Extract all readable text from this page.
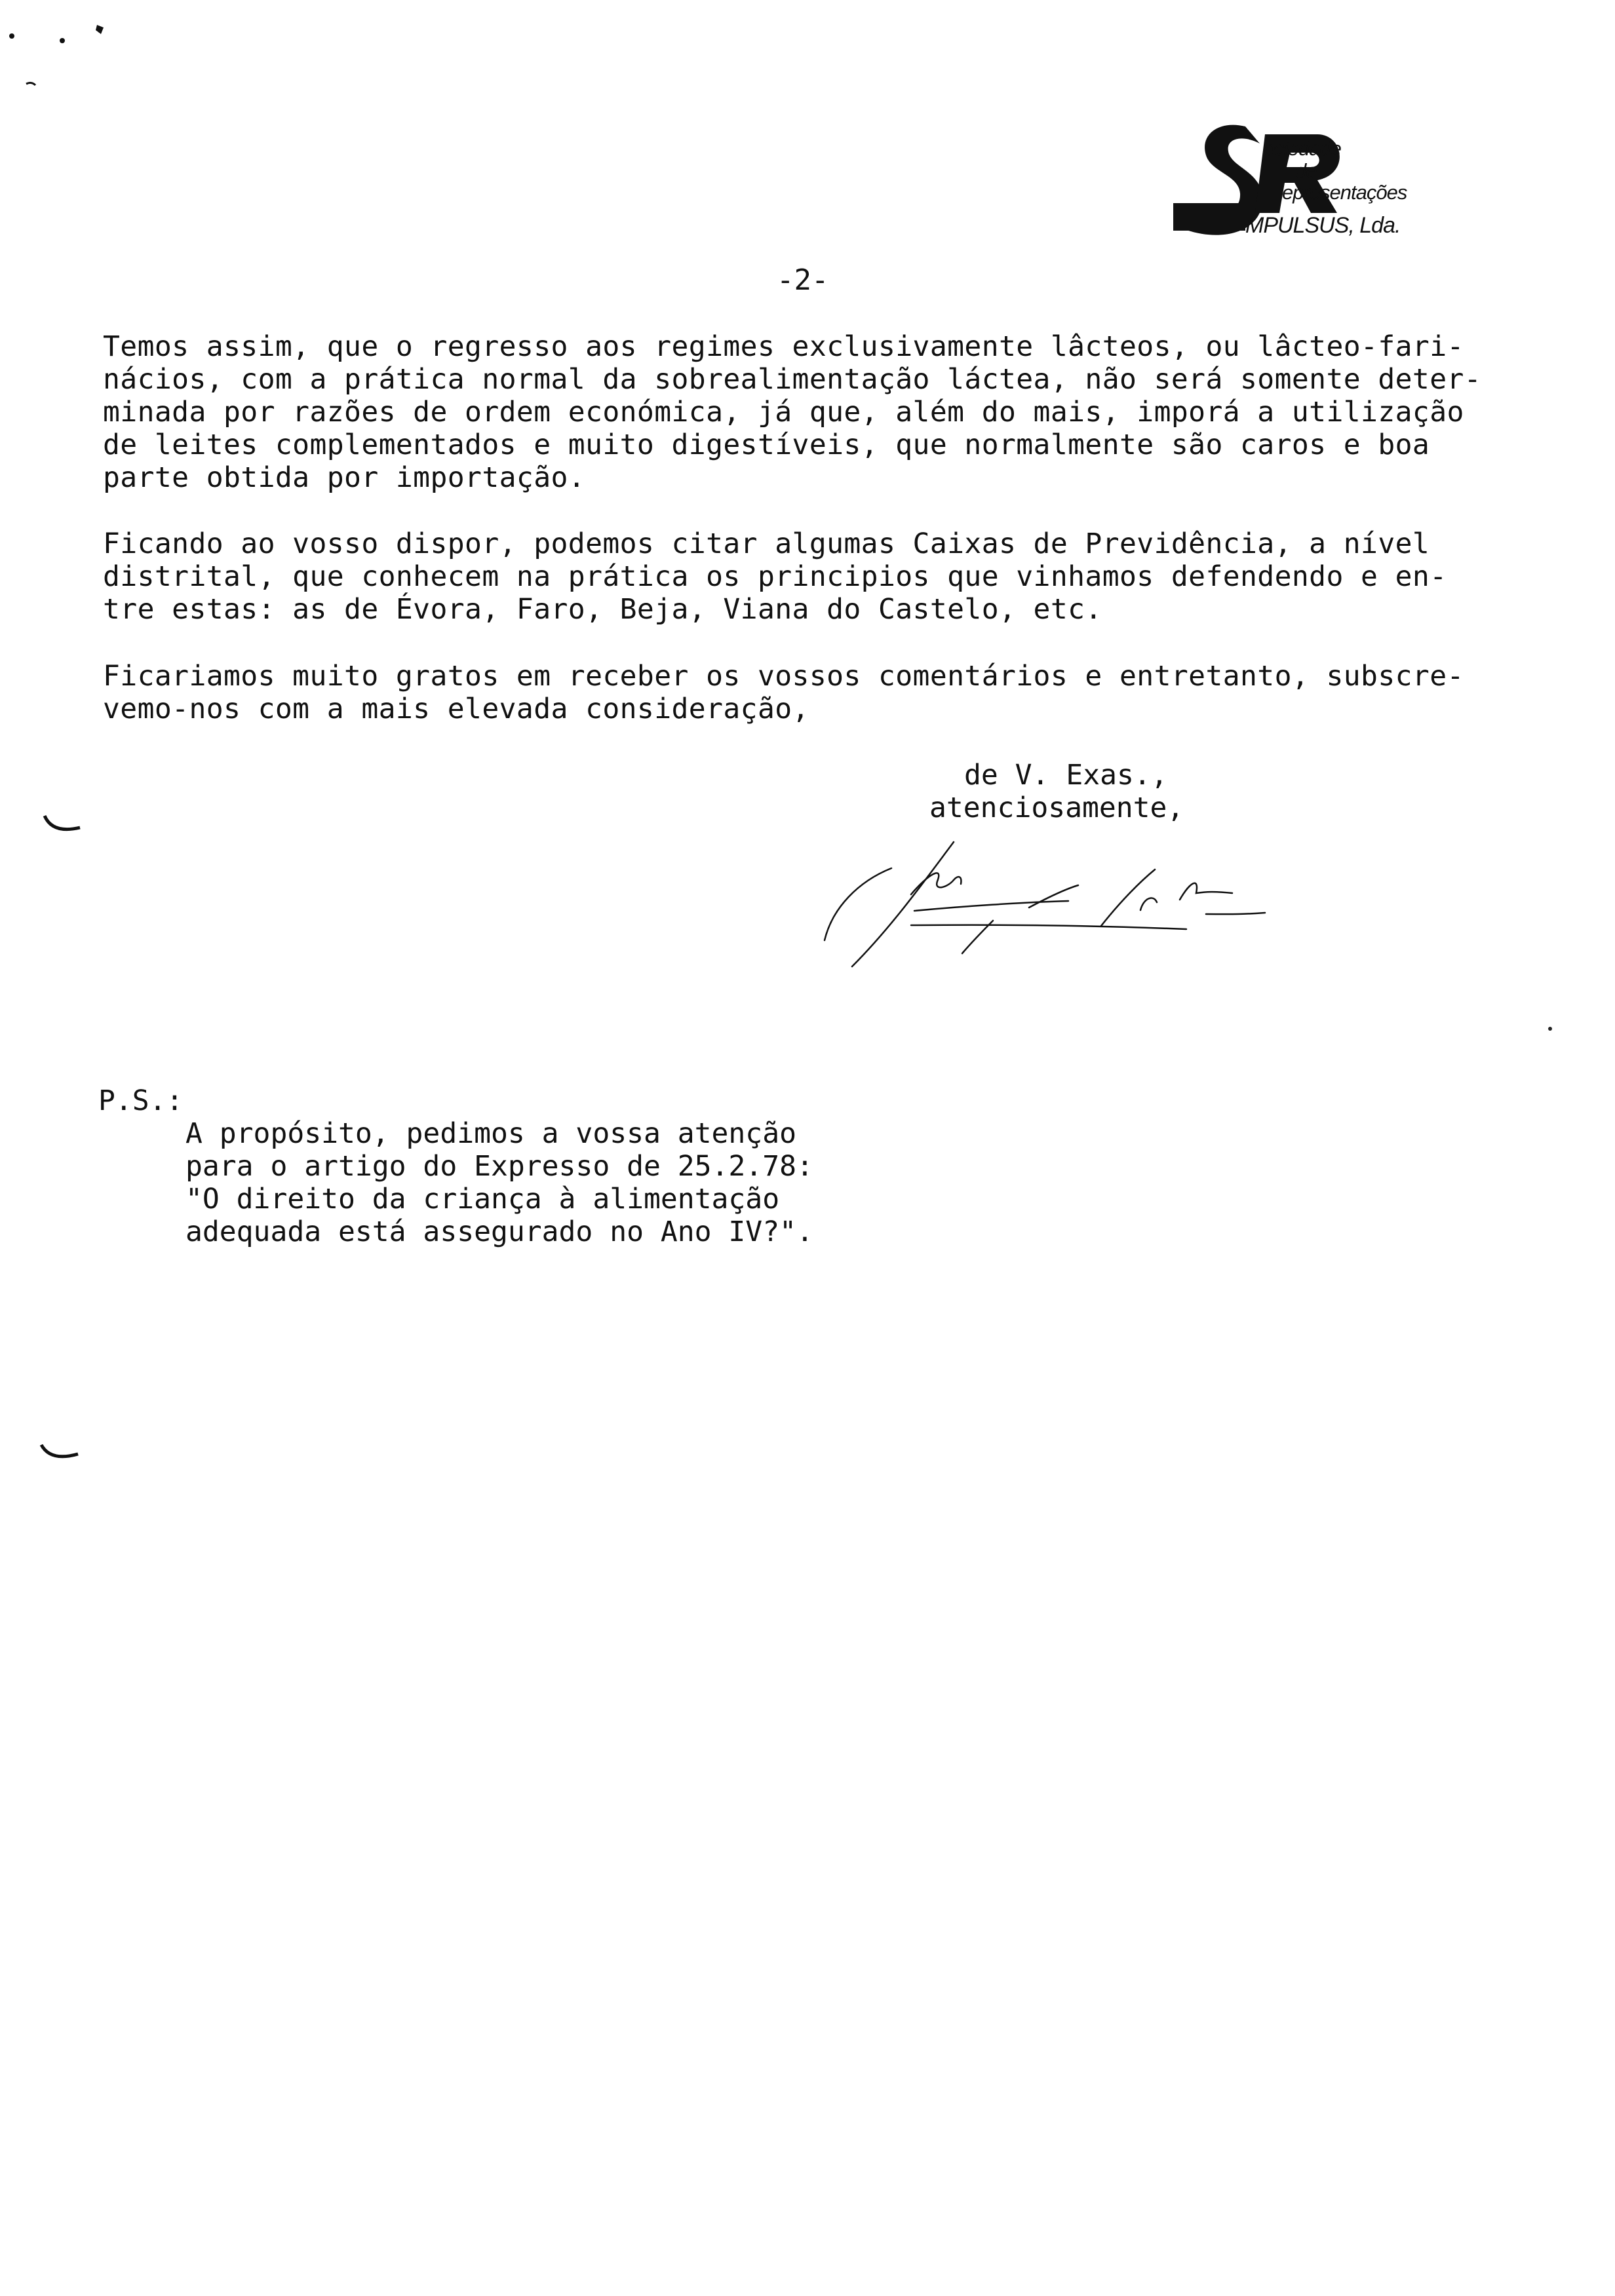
ociedade
de
epresentações
MPULSUS, Lda.
-2-
Temos assim, que o regresso aos regimes exclusivamente lâcteos, ou lâcteo-fari-
nácios, com a prática normal da sobrealimentação láctea, não será somente deter-
minada por razões de ordem económica, já que, além do mais, imporá a utilização
de leites complementados e muito digestíveis, que normalmente são caros e boa
parte obtida por importação.
Ficando ao vosso dispor, podemos citar algumas Caixas de Previdência, a nível
distrital, que conhecem na prática os principios que vinhamos defendendo e en-
tre estas: as de Évora, Faro, Beja, Viana do Castelo, etc.
Ficariamos muito gratos em receber os vossos comentários e entretanto, subscre-
vemo-nos com a mais elevada consideração,
de V. Exas.,
atenciosamente,
P.S.:
A propósito, pedimos a vossa atenção
para o artigo do Expresso de 25.2.78:
"O direito da criança à alimentação
adequada está assegurado no Ano IV?".
